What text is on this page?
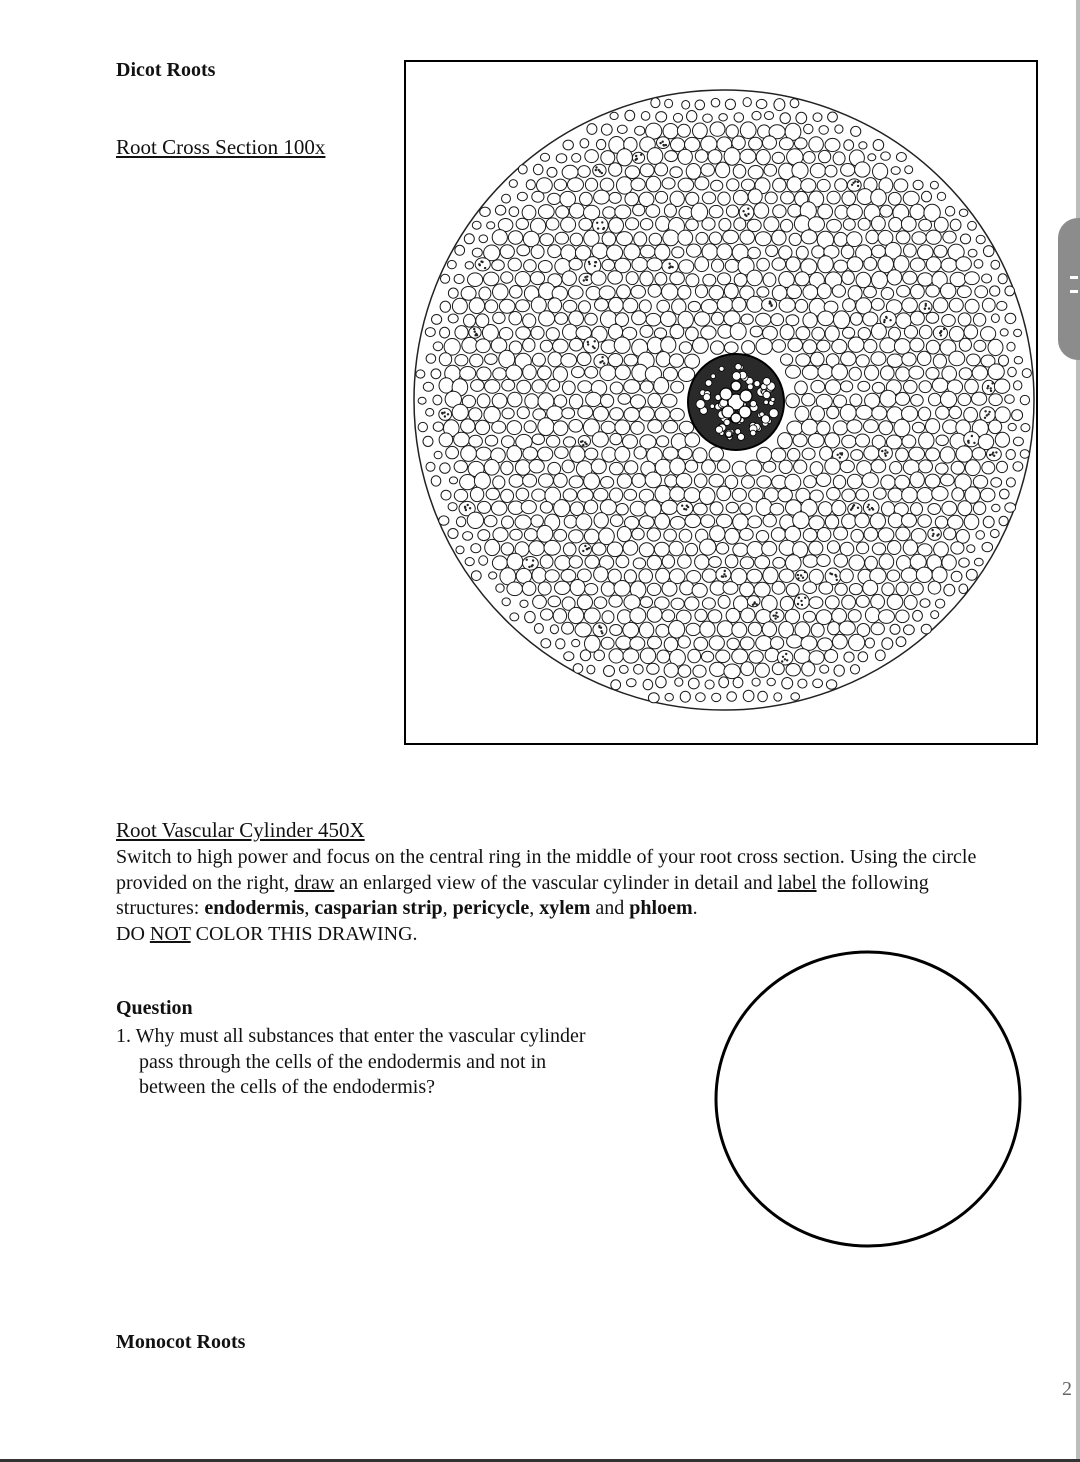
Dicot Roots
Root Cross Section 100x
Root Vascular Cylinder 450X
Switch to high power and focus on the central ring in the middle of your root cross section. Using the circle
provided on the right, draw an enlarged view of the vascular cylinder in detail and label the following
structures: endodermis, casparian strip, pericycle, xylem and phloem.
DO NOT COLOR THIS DRAWING.
Question
1. Why must all substances that enter the vascular cylinder
pass through the cells of the endodermis and not in
between the cells of the endodermis?
Monocot Roots
2
